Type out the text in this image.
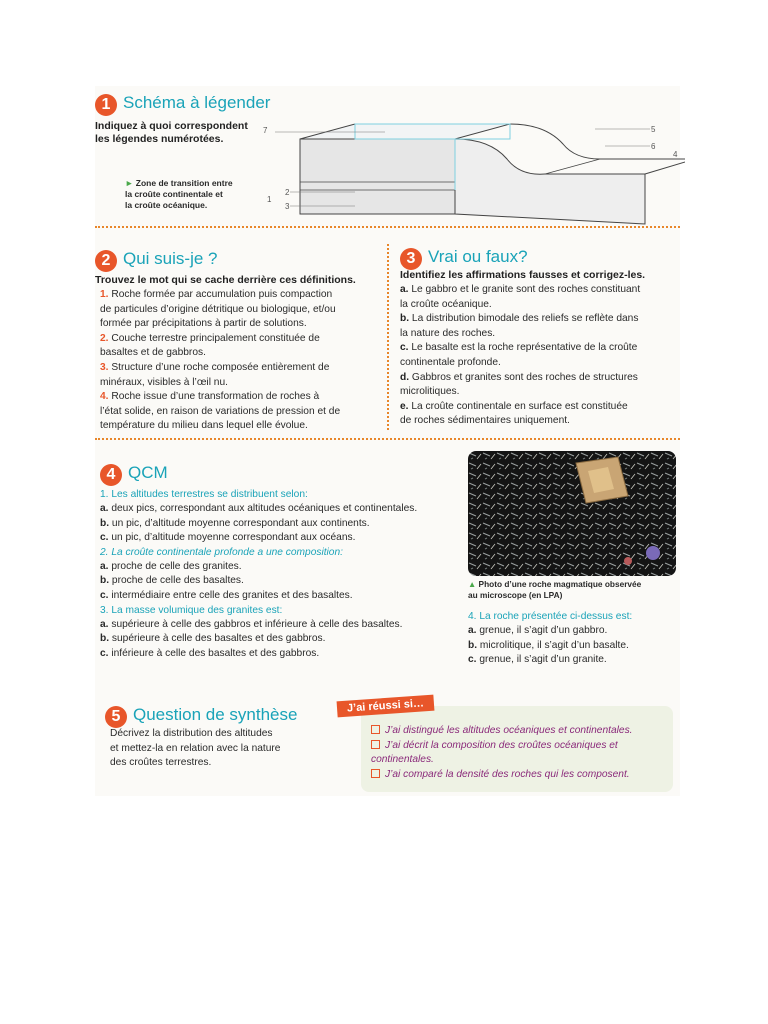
1 Schéma à légender
Indiquez à quoi correspondent
les légendes numérotées.
► Zone de transition entre
la croûte continentale et
la croûte océanique.
7
1
2
3
4
5
6
2 Qui suis-je ?
Trouvez le mot qui se cache derrière ces définitions.
1. Roche formée par accumulation puis compaction
de particules d’origine détritique ou biologique, et/ou
formée par précipitations à partir de solutions.
2. Couche terrestre principalement constituée de
basaltes et de gabbros.
3. Structure d’une roche composée entièrement de
minéraux, visibles à l’œil nu.
4. Roche issue d’une transformation de roches à
l’état solide, en raison de variations de pression et de
température du milieu dans lequel elle évolue.
3 Vrai ou faux?
Identifiez les affirmations fausses et corrigez-les.
a. Le gabbro et le granite sont des roches constituant
la croûte océanique.
b. La distribution bimodale des reliefs se reflète dans
la nature des roches.
c. Le basalte est la roche représentative de la croûte
continentale profonde.
d. Gabbros et granites sont des roches de structures
microlitiques.
e. La croûte continentale en surface est constituée
de roches sédimentaires uniquement.
4 QCM
1. Les altitudes terrestres se distribuent selon:
a. deux pics, correspondant aux altitudes océaniques et continentales.
b. un pic, d’altitude moyenne correspondant aux continents.
c. un pic, d’altitude moyenne correspondant aux océans.
2. La croûte continentale profonde a une composition:
a. proche de celle des granites.
b. proche de celle des basaltes.
c. intermédiaire entre celle des granites et des basaltes.
3. La masse volumique des granites est:
a. supérieure à celle des gabbros et inférieure à celle des basaltes.
b. supérieure à celle des basaltes et des gabbros.
c. inférieure à celle des basaltes et des gabbros.
▲ Photo d’une roche magmatique observée
au microscope (en LPA)
4. La roche présentée ci-dessus est:
a. grenue, il s’agit d’un gabbro.
b. microlitique, il s’agit d’un basalte.
c. grenue, il s’agit d’un granite.
5 Question de synthèse
Décrivez la distribution des altitudes
et mettez-la en relation avec la nature
des croûtes terrestres.
J’ai réussi si…
J’ai distingué les altitudes océaniques et continentales.
J’ai décrit la composition des croûtes océaniques et
continentales.
J’ai comparé la densité des roches qui les composent.
